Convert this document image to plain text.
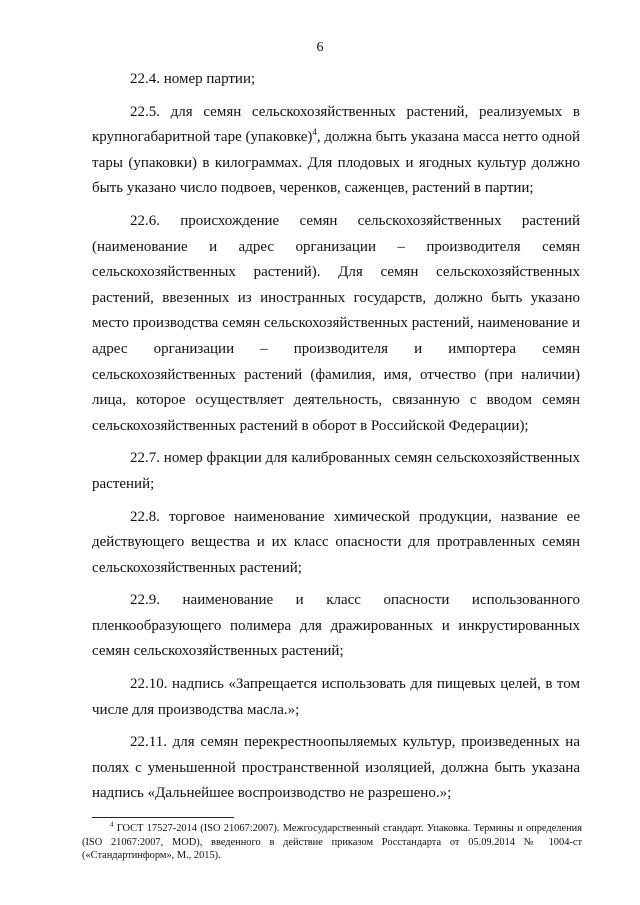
6

22.4. номер партии;

22.5. для семян сельскохозяйственных растений, реализуемых в крупногабаритной таре (упаковке)$^4$, должна быть указана масса нетто одной тары (упаковки) в килограммах. Для плодовых и ягодных культур должно быть указано число подвоев, черенков, саженцев, растений в партии;

22.6. происхождение семян сельскохозяйственных растений (наименование и адрес организации – производителя семян сельскохозяйственных растений). Для семян сельскохозяйственных растений, ввезенных из иностранных государств, должно быть указано место производства семян сельскохозяйственных растений, наименование и адрес организации – производителя и импортера семян сельскохозяйственных растений (фамилия, имя, отчество (при наличии) лица, которое осуществляет деятельность, связанную с вводом семян сельскохозяйственных растений в оборот в Российской Федерации);

22.7. номер фракции для калиброванных семян сельскохозяйственных растений;

22.8. торговое наименование химической продукции, название ее действующего вещества и их класс опасности для протравленных семян сельскохозяйственных растений;

22.9. наименование и класс опасности использованного пленкообразующего полимера для дражированных и инкрустированных семян сельскохозяйственных растений;

22.10. надпись «Запрещается использовать для пищевых целей, в том числе для производства масла.»;

22.11. для семян перекрестноопыляемых культур, произведенных на полях с уменьшенной пространственной изоляцией, должна быть указана надпись «Дальнейшее воспроизводство не разрешено.»;

$^4$ ГОСТ 17527-2014 (ISO 21067:2007). Межгосударственный стандарт. Упаковка. Термины и определения (ISO 21067:2007, MOD), введенного в действие приказом Росстандарта от 05.09.2014 № 1004-ст («Стандартинформ», М., 2015).
